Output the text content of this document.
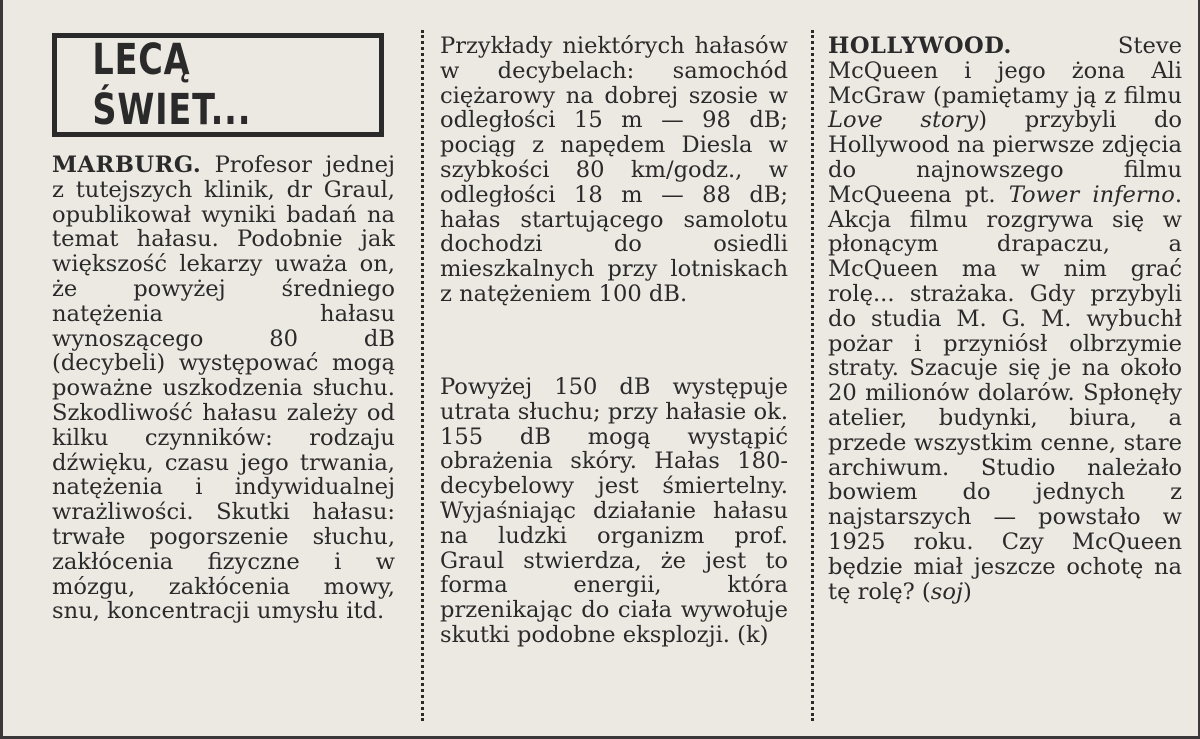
LECĄ ŚWIET...

MARBURG. Profesor jednej z tutejszych klinik, dr Graul, opublikował wyniki badań na temat hałasu. Podobnie jak większość lekarzy uważa on, że powyżej średniego natężenia hałasu wynoszącego 80 dB (decybeli) występować mogą poważne uszkodzenia słuchu. Szkodliwość hałasu zależy od kilku czynników: rodzaju dźwięku, czasu jego trwania, natężenia i indywidualnej wrażliwości. Skutki hałasu: trwałe pogorszenie słuchu, zakłócenia fizyczne i w mózgu, zakłócenia mowy, snu, koncentracji umysłu itd.

Przykłady niektórych hałasów w decybelach: samochód ciężarowy na dobrej szosie w odległości 15 m — 98 dB; pociąg z napędem Diesla w szybkości 80 km/godz., w odległości 18 m — 88 dB; hałas startującego samolotu dochodzi do osiedli mieszkalnych przy lotniskach z natężeniem 100 dB.

Powyżej 150 dB występuje utrata słuchu; przy hałasie ok. 155 dB mogą wystąpić obrażenia skóry. Hałas 180-decybelowy jest śmiertelny. Wyjaśniając działanie hałasu na ludzki organizm prof. Graul stwierdza, że jest to forma energii, która przenikając do ciała wywołuje skutki podobne eksplozji. (k)

HOLLYWOOD.	Steve McQueen i jego żona Ali McGraw (pamiętamy ją z filmu Love story) przybyli do Hollywood na pierwsze zdjęcia do najnowszego filmu McQueena pt. Tower inferno. Akcja filmu rozgrywa się w płonącym drapaczu, a McQueen ma w nim grać rolę... strażaka. Gdy przybyli do studia M. G. M. wybuchł pożar i przyniósł olbrzymie straty. Szacuje się je na około 20 milionów dolarów. Spłonęły atelier, budynki, biura, a przede wszystkim cenne, stare archiwum. Studio należało bowiem do jednych z najstarszych — powstało w 1925 roku. Czy McQueen będzie miał jeszcze ochotę na tę rolę? (soj)
